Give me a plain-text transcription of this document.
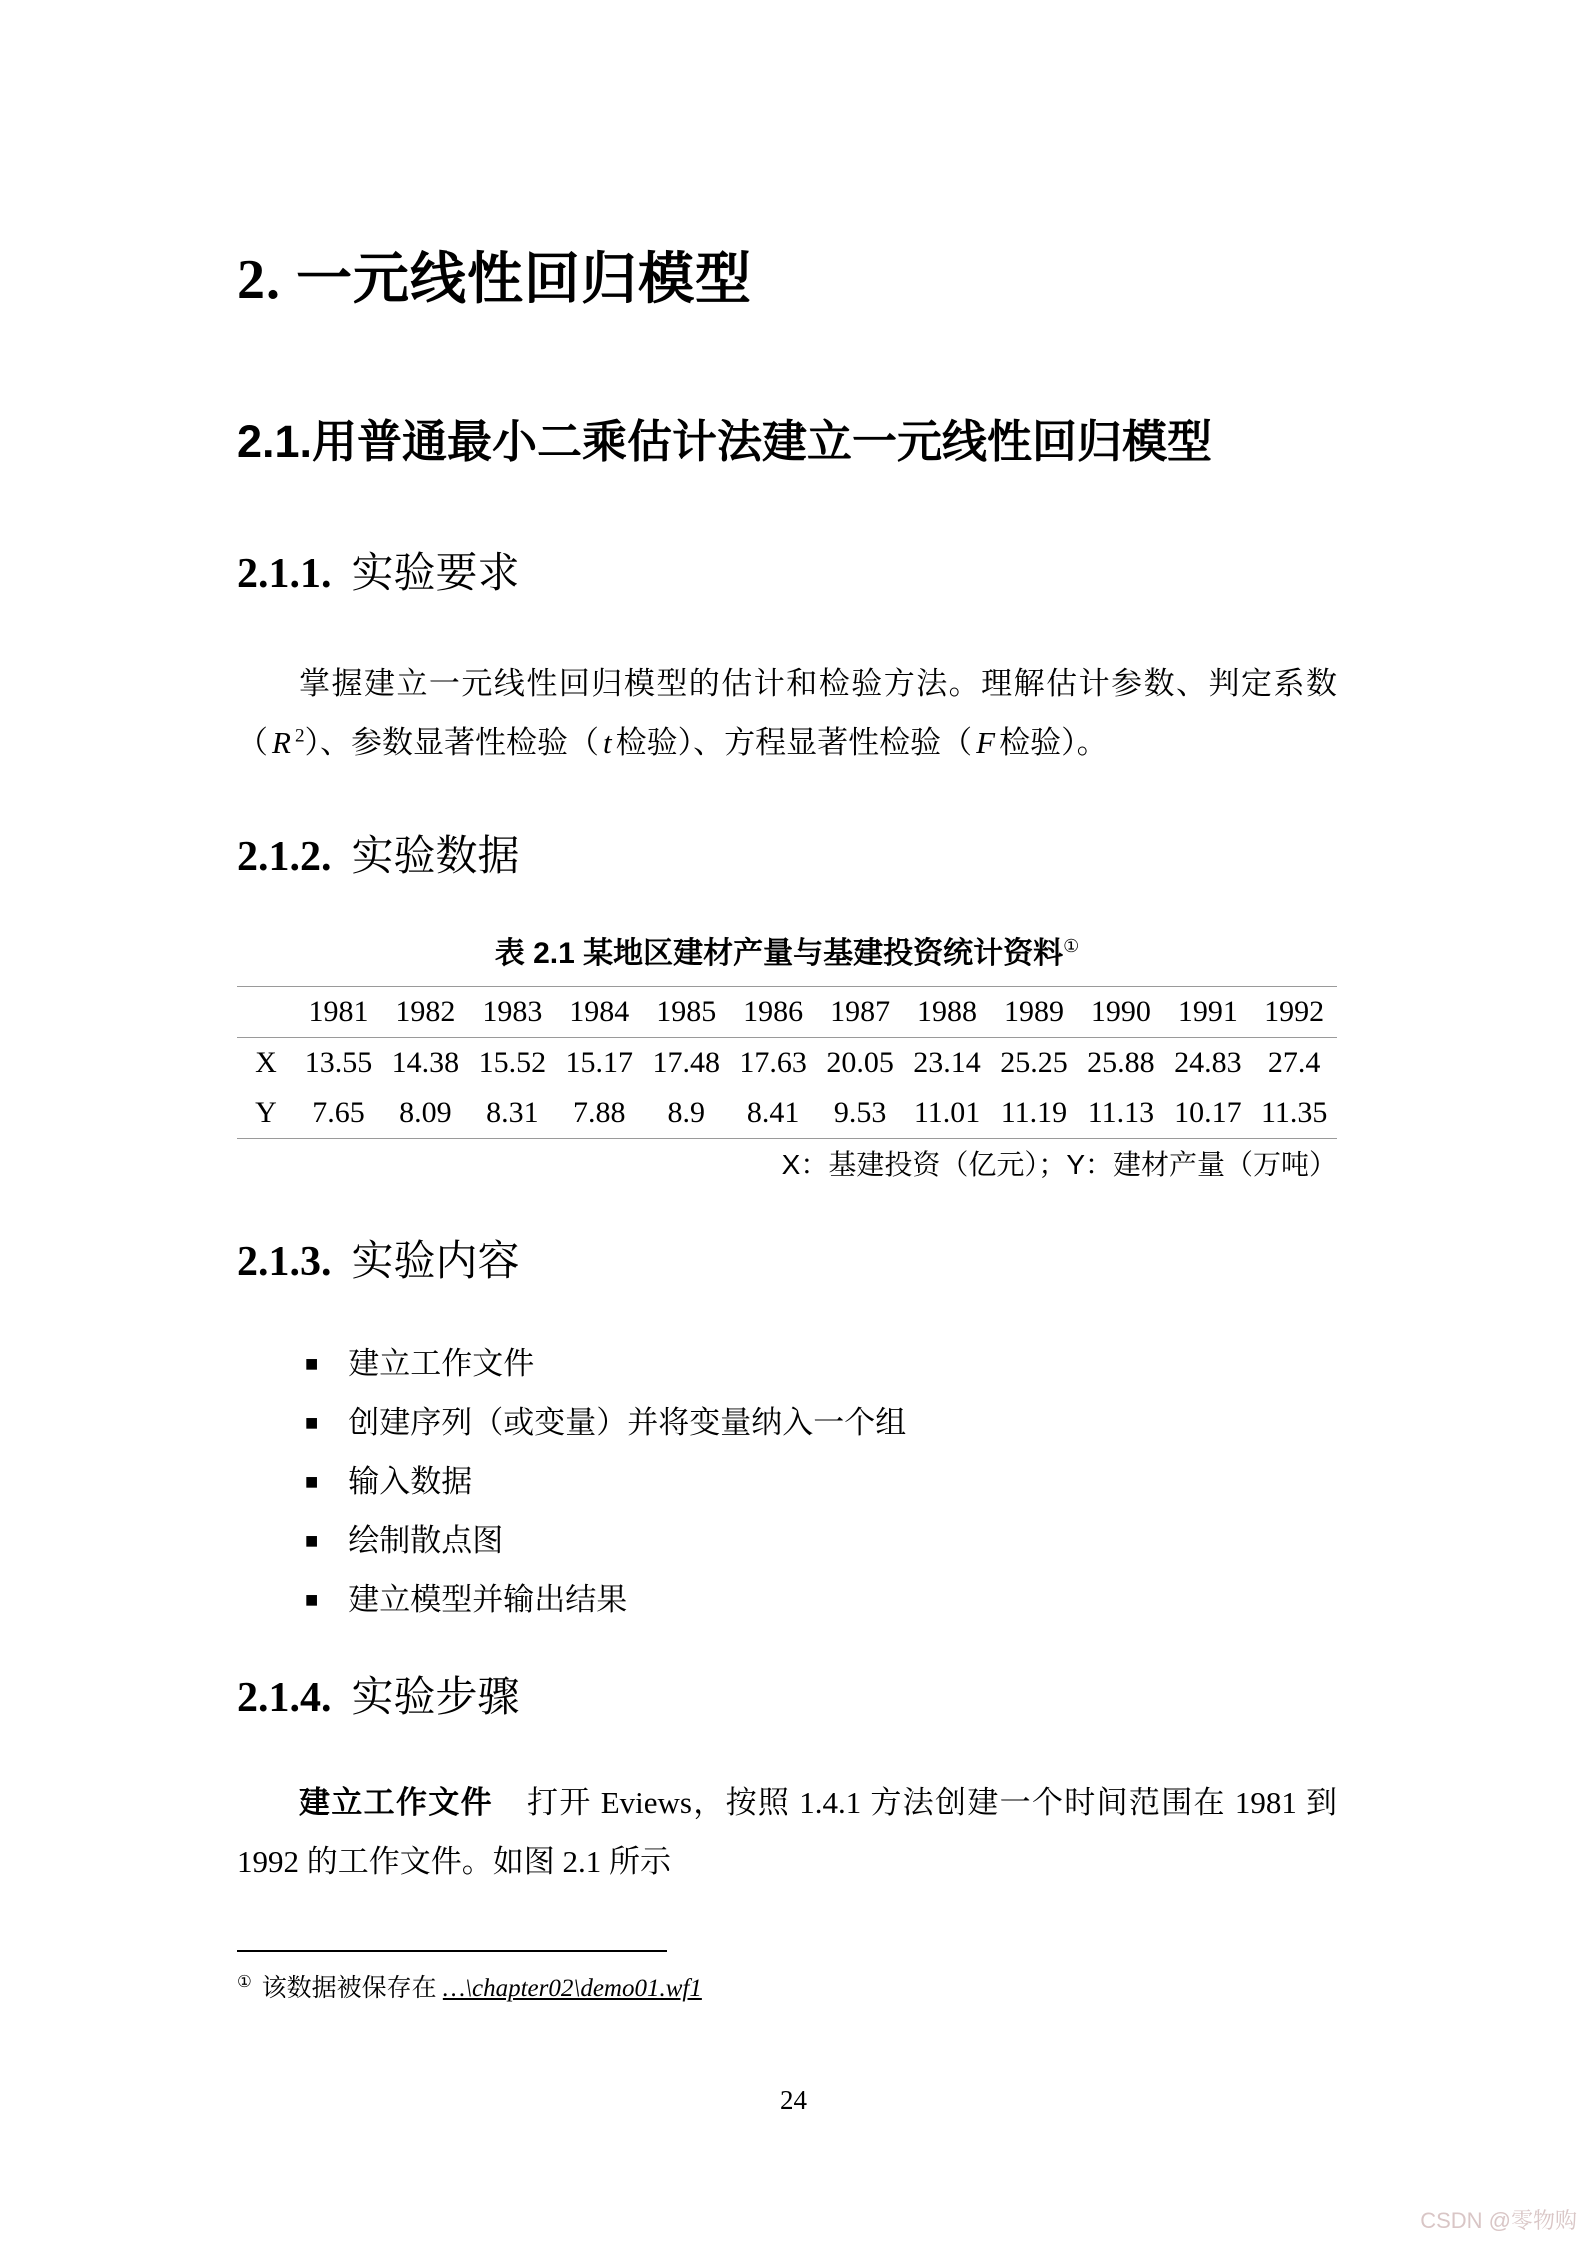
2. 一元线性回归模型
2.1.用普通最小二乘估计法建立一元线性回归模型
2.1.1. 实验要求

掌握建立一元线性回归模型的估计和检验方法。理解估计参数、判定系数（ R $^2$）、参数显著性检验（ t 检验）、方程显著性检验（ F 检验）。

2.1.2. 实验数据
表 2.1 某地区建材产量与基建投资统计资料①
	1981	1982	1983	1984	1985	1986	1987	1988	1989	1990	1991	1992
X	13.55	14.38	15.52	15.17	17.48	17.63	20.05	23.14	25.25	25.88	24.83	27.4
Y	7.65	8.09	8.31	7.88	8.9	8.41	9.53	11.01	11.19	11.13	10.17	11.35
X：基建投资（亿元）；Y：建材产量（万吨）
2.1.3. 实验内容
■ 建立工作文件
■ 创建序列（或变量）并将变量纳入一个组
■ 输入数据
■ 绘制散点图
■ 建立模型并输出结果
2.1.4. 实验步骤

建立工作文件 打开 Eviews，按照 1.4.1 方法创建一个时间范围在 1981 到 1992 的工作文件。如图 2.1 所示

① 该数据被保存在 …\chapter02\demo01.wf1
24
CSDN @零物购
